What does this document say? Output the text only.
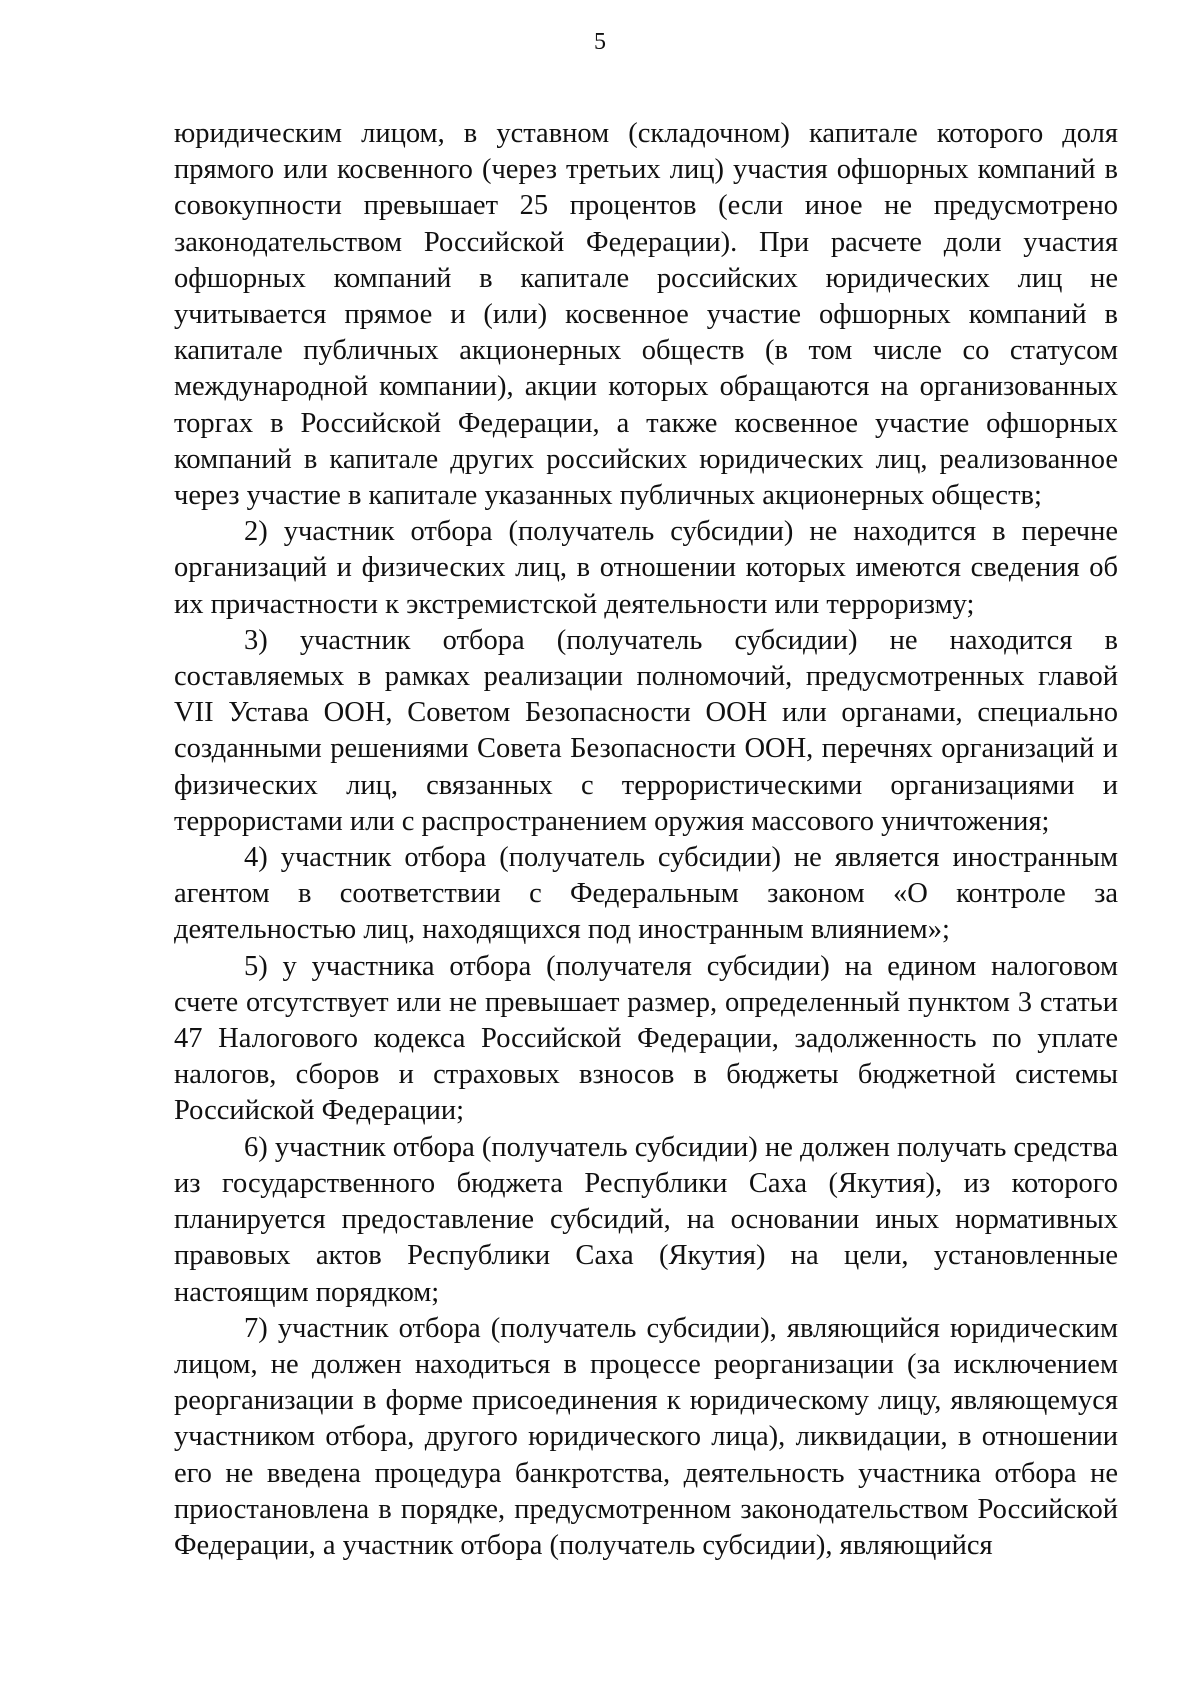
5

юридическим лицом, в уставном (складочном) капитале которого доля прямого или косвенного (через третьих лиц) участия офшорных компаний в совокупности превышает 25 процентов (если иное не предусмотрено законодательством Российской Федерации). При расчете доли участия офшорных компаний в капитале российских юридических лиц не учитывается прямое и (или) косвенное участие офшорных компаний в капитале публичных акционерных обществ (в том числе со статусом международной компании), акции которых обращаются на организованных торгах в Российской Федерации, а также косвенное участие офшорных компаний в капитале других российских юридических лиц, реализованное через участие в капитале указанных публичных акционерных обществ;

2) участник отбора (получатель субсидии) не находится в перечне организаций и физических лиц, в отношении которых имеются сведения об их причастности к экстремистской деятельности или терроризму;

3) участник отбора (получатель субсидии) не находится в составляемых в рамках реализации полномочий, предусмотренных главой VII Устава ООН, Советом Безопасности ООН или органами, специально созданными решениями Совета Безопасности ООН, перечнях организаций и физических лиц, связанных с террористическими организациями и террористами или с распространением оружия массового уничтожения;

4) участник отбора (получатель субсидии) не является иностранным агентом в соответствии с Федеральным законом «О контроле за деятельностью лиц, находящихся под иностранным влиянием»;

5) у участника отбора (получателя субсидии) на едином налоговом счете отсутствует или не превышает размер, определенный пунктом 3 статьи 47 Налогового кодекса Российской Федерации, задолженность по уплате налогов, сборов и страховых взносов в бюджеты бюджетной системы Российской Федерации;

6) участник отбора (получатель субсидии) не должен получать средства из государственного бюджета Республики Саха (Якутия), из которого планируется предоставление субсидий, на основании иных нормативных правовых актов Республики Саха (Якутия) на цели, установленные настоящим порядком;

7) участник отбора (получатель субсидии), являющийся юридическим лицом, не должен находиться в процессе реорганизации (за исключением реорганизации в форме присоединения к юридическому лицу, являющемуся участником отбора, другого юридического лица), ликвидации, в отношении его не введена процедура банкротства, деятельность участника отбора не приостановлена в порядке, предусмотренном законодательством Российской Федерации, а участник отбора (получатель субсидии), являющийся
